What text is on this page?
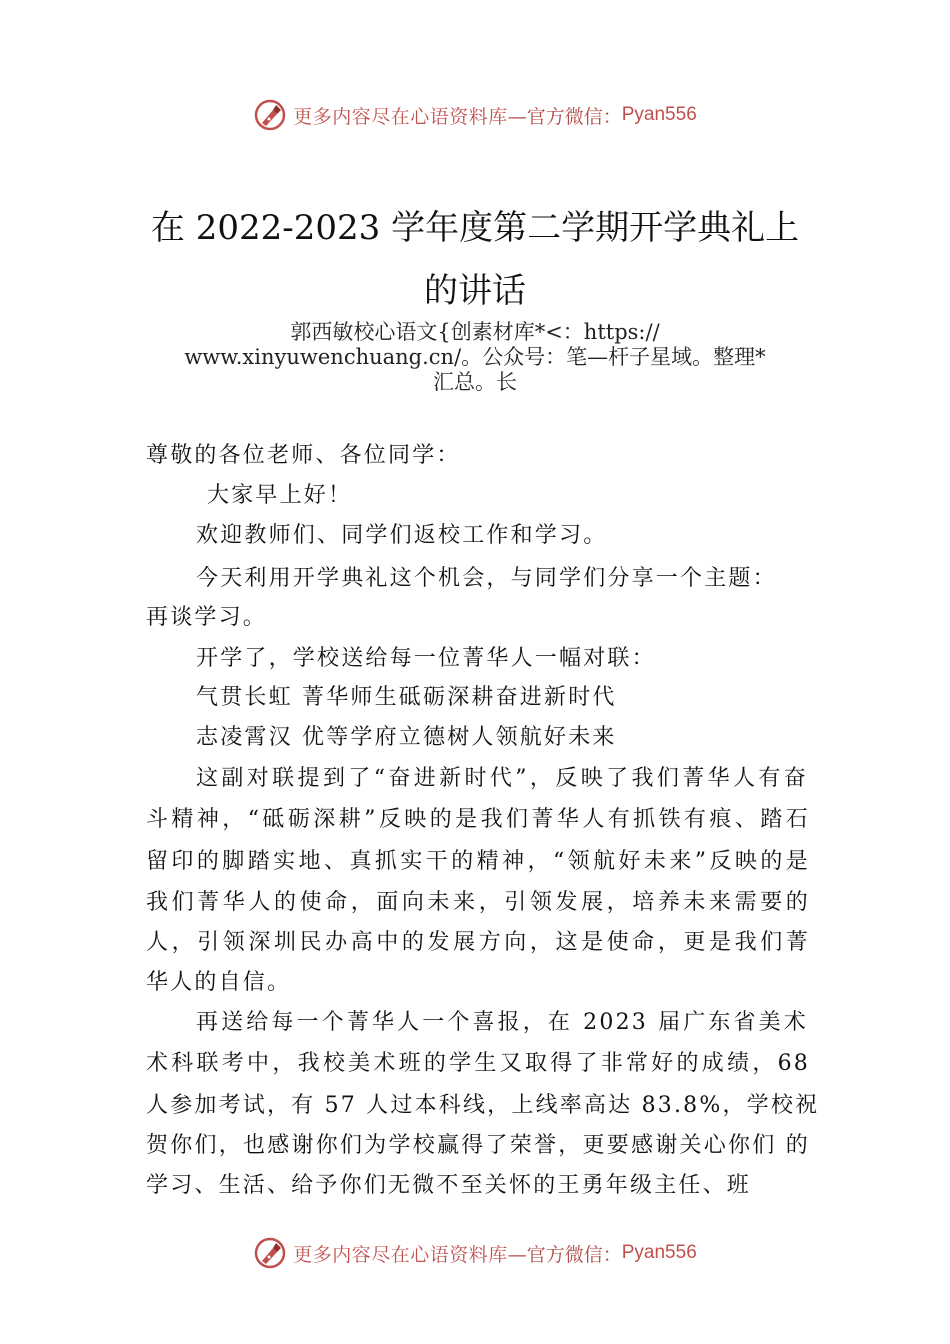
更多内容尽在心语资料库 —官方微信： Pyan556
在 2022-2023 学年度第二学期开学典礼上
的讲话
郭西敏校心语文{创素材库*<：https://
www.xinyuwenchuang.cn/。公众号：笔—杆子星域。整理*
汇总。长
尊敬的各位老师、各位同学：
大家早上好！
欢迎教师们、同学们返校工作和学习。
今天利用开学典礼这个机会，与同学们分享一个主题：
再谈学习。
开学了，学校送给每一位菁华人一幅对联：
气贯长虹 菁华师生砥砺深耕奋进新时代
志凌霄汉 优等学府立德树人领航好未来
这副对联提到了“奋进新时代”，反映了我们菁华人有奋
斗精神，“砥砺深耕”反映的是我们菁华人有抓铁有痕、踏石
留印的脚踏实地、真抓实干的精神，“领航好未来”反映的是
我们菁华人的使命，面向未来，引领发展，培养未来需要的
人，引领深圳民办高中的发展方向，这是使命，更是我们菁
华人的自信。
再送给每一个菁华人一个喜报，在 2023 届广东省美术
术科联考中，我校美术班的学生又取得了非常好的成绩，68
人参加考试，有 57 人过本科线，上线率高达 83.8%，学校祝
贺你们，也感谢你们为学校赢得了荣誉，更要感谢关心你们 的
学习、生活、给予你们无微不至关怀的王勇年级主任、班
更多内容尽在心语资料库 —官方微信： Pyan556
